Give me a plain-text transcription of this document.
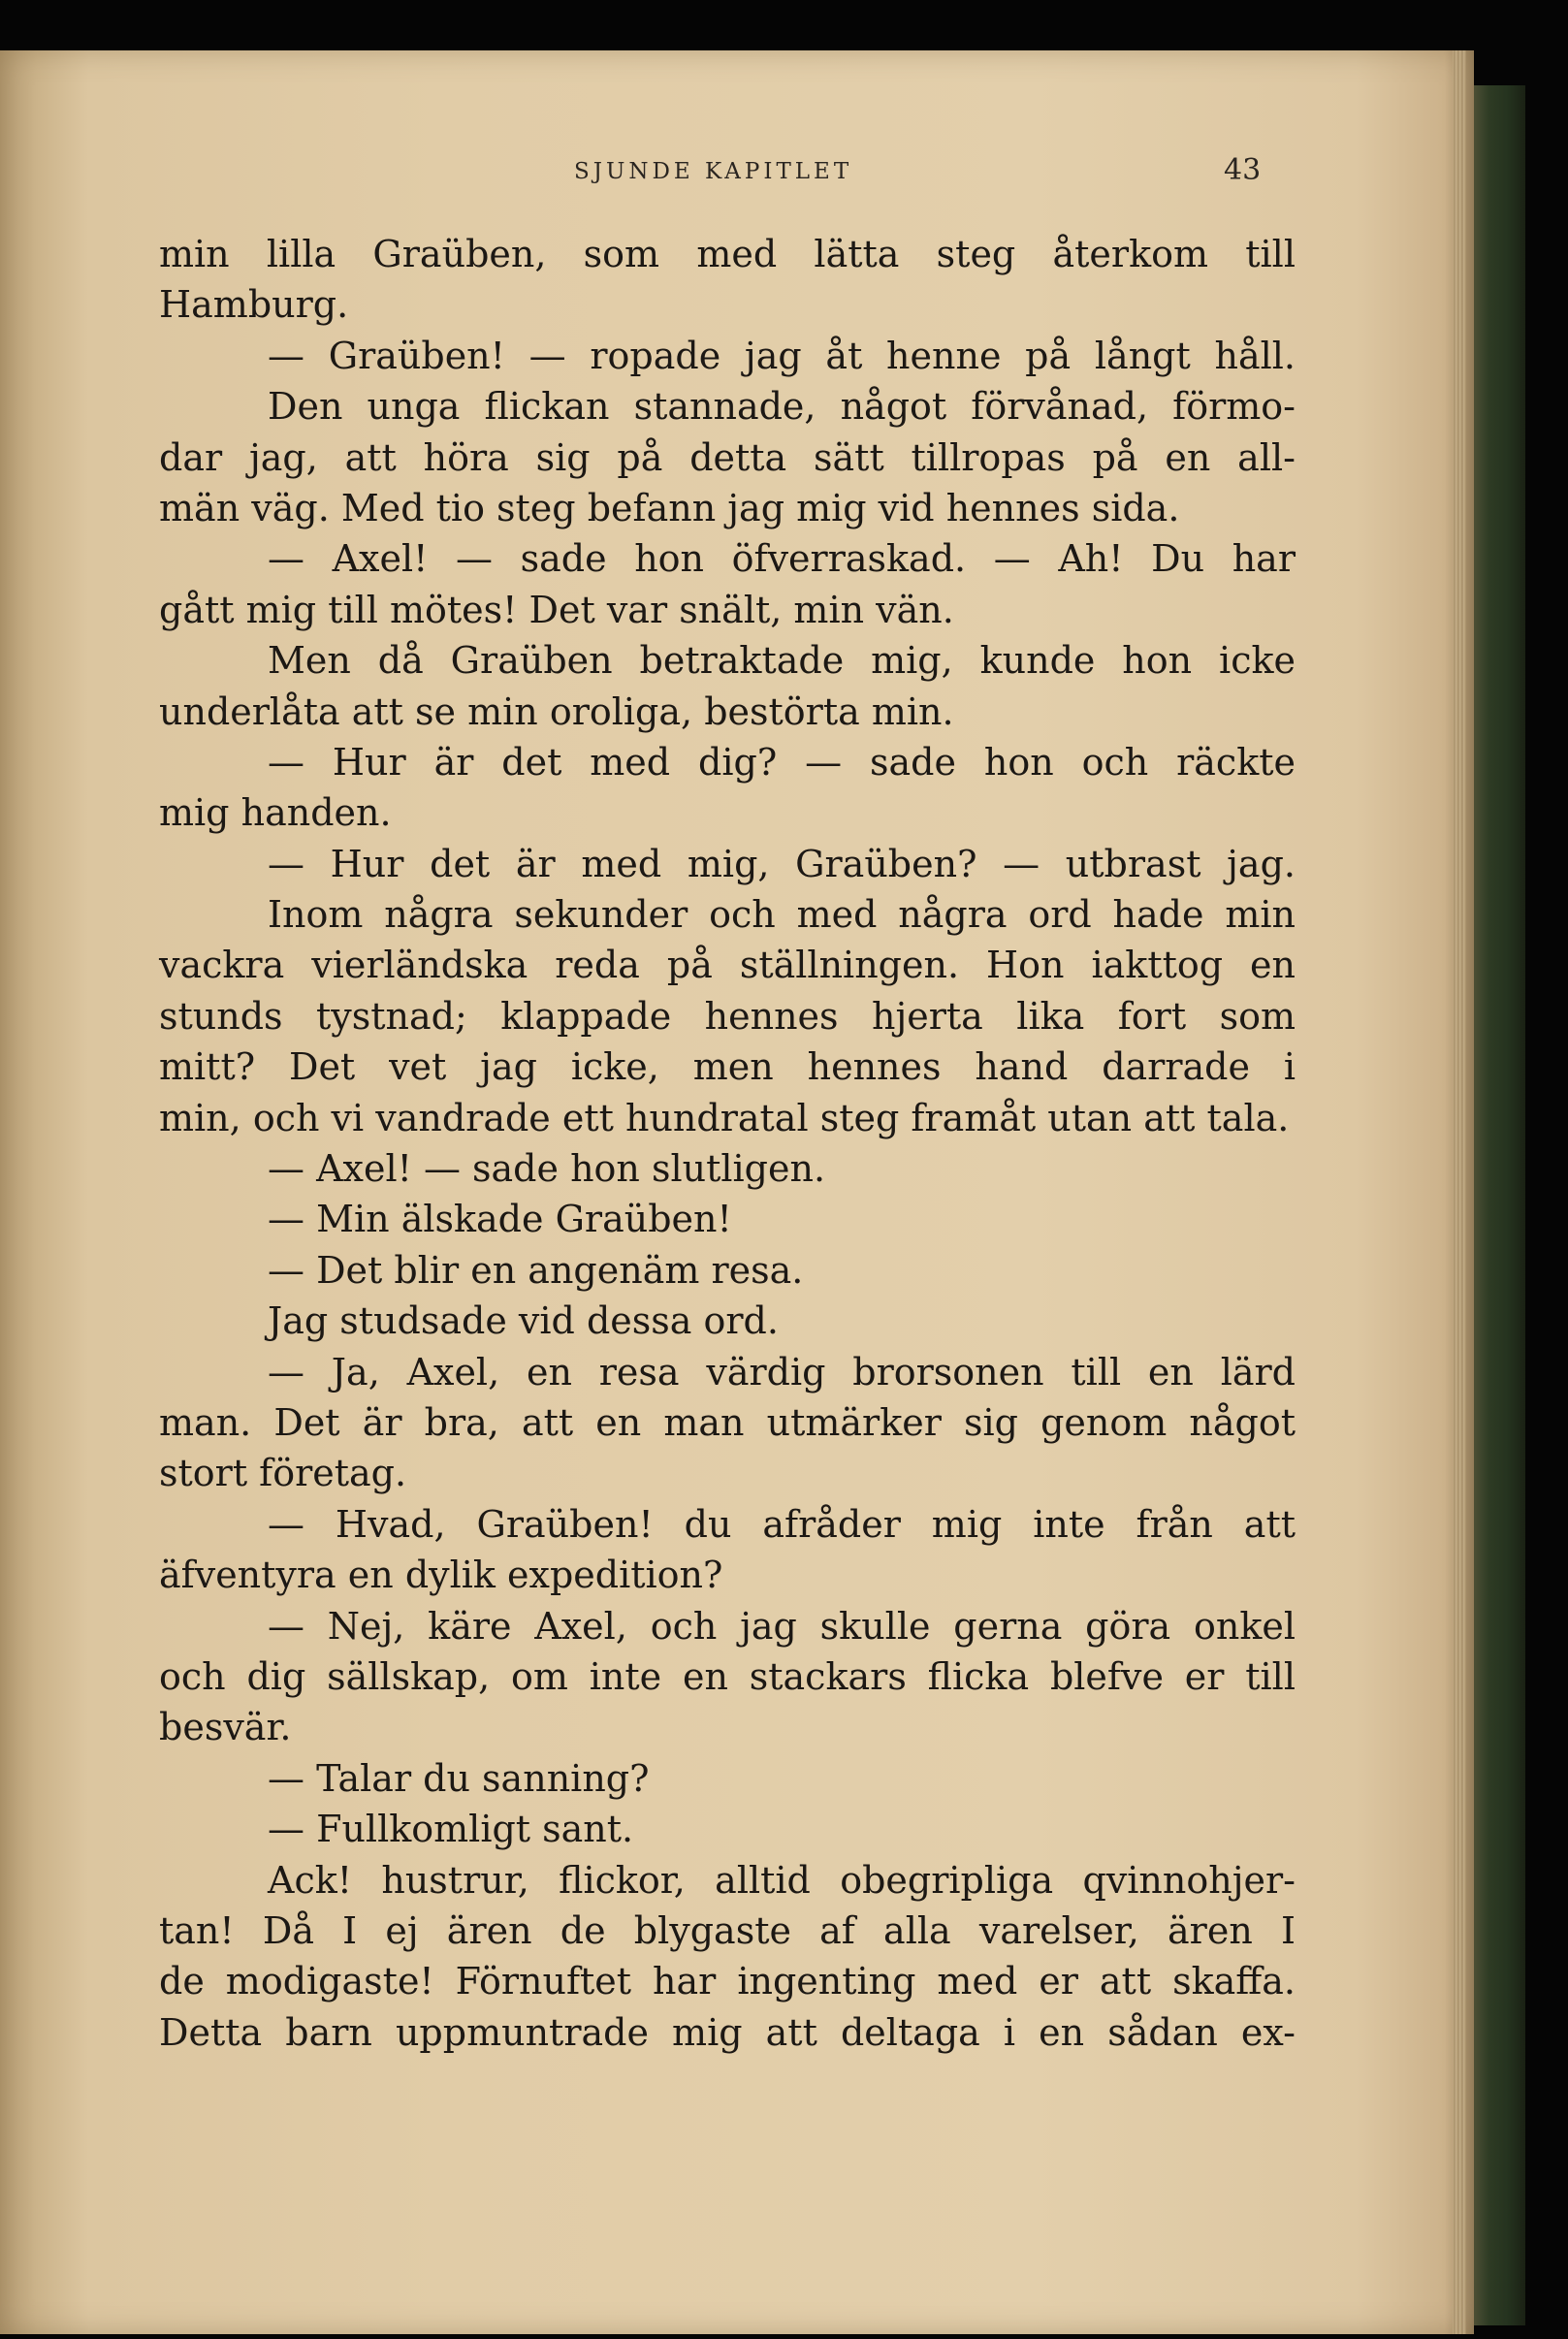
SJUNDE KAPITLET	43
min lilla Graüben, som med lätta steg återkom till
Hamburg.
— Graüben! — ropade jag åt henne på långt håll.
Den unga flickan stannade, något förvånad, förmo-
dar jag, att höra sig på detta sätt tillropas på en all-
män väg. Med tio steg befann jag mig vid hennes sida.
— Axel! — sade hon öfverraskad. — Ah! Du har
gått mig till mötes! Det var snält, min vän.
Men då Graüben betraktade mig, kunde hon icke
underlåta att se min oroliga, bestörta min.
— Hur är det med dig? — sade hon och räckte
mig handen.
— Hur det är med mig, Graüben? — utbrast jag.
Inom några sekunder och med några ord hade min
vackra vierländska reda på ställningen. Hon iakttog en
stunds tystnad; klappade hennes hjerta lika fort som
mitt? Det vet jag icke, men hennes hand darrade i
min, och vi vandrade ett hundratal steg framåt utan att tala.
— Axel! — sade hon slutligen.
— Min älskade Graüben!
— Det blir en angenäm resa.
Jag studsade vid dessa ord.
— Ja, Axel, en resa värdig brorsonen till en lärd
man. Det är bra, att en man utmärker sig genom något
stort företag.
— Hvad, Graüben! du afråder mig inte från att
äfventyra en dylik expedition?
— Nej, käre Axel, och jag skulle gerna göra onkel
och dig sällskap, om inte en stackars flicka blefve er till
besvär.
— Talar du sanning?
— Fullkomligt sant.
Ack! hustrur, flickor, alltid obegripliga qvinnohjer-
tan! Då I ej ären de blygaste af alla varelser, ären I
de modigaste! Förnuftet har ingenting med er att skaffa.
Detta barn uppmuntrade mig att deltaga i en sådan ex-
